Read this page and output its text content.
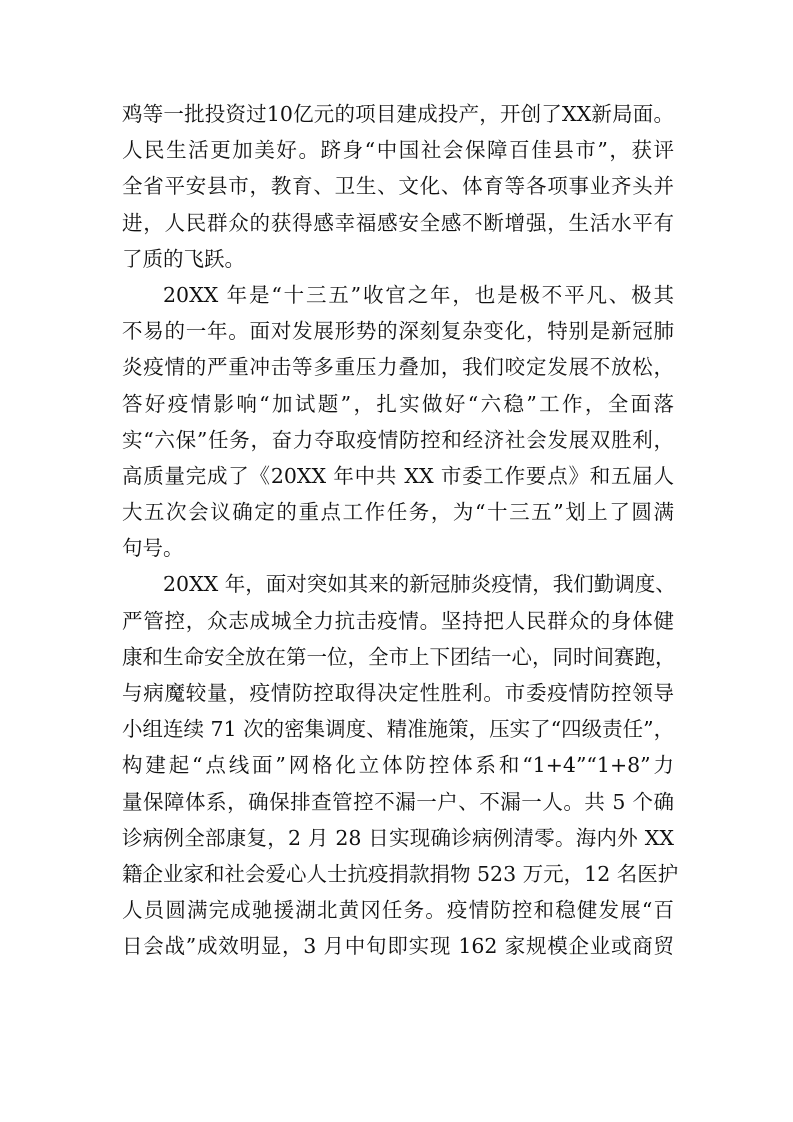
鸡等一批投资过10亿元的项目建成投产，开创了XX新局面。
人民生活更加美好。跻身“中国社会保障百佳县市”，获评
全省平安县市，教育、卫生、文化、体育等各项事业齐头并
进，人民群众的获得感幸福感安全感不断增强，生活水平有
了质的飞跃。
20XX 年是“十三五”收官之年，也是极不平凡、极其
不易的一年。面对发展形势的深刻复杂变化，特别是新冠肺
炎疫情的严重冲击等多重压力叠加，我们咬定发展不放松，
答好疫情影响“加试题”，扎实做好“六稳”工作，全面落
实“六保”任务，奋力夺取疫情防控和经济社会发展双胜利，
高质量完成了《20XX 年中共 XX 市委工作要点》和五届人
大五次会议确定的重点工作任务，为“十三五”划上了圆满
句号。
20XX 年，面对突如其来的新冠肺炎疫情，我们勤调度、
严管控，众志成城全力抗击疫情。坚持把人民群众的身体健
康和生命安全放在第一位，全市上下团结一心，同时间赛跑，
与病魔较量，疫情防控取得决定性胜利。市委疫情防控领导
小组连续 71 次的密集调度、精准施策，压实了“四级责任”，
构建起“点线面”网格化立体防控体系和“1+4”“1+8”力
量保障体系，确保排查管控不漏一户、不漏一人。共 5 个确
诊病例全部康复，2 月 28 日实现确诊病例清零。海内外 XX
籍企业家和社会爱心人士抗疫捐款捐物 523 万元，12 名医护
人员圆满完成驰援湖北黄冈任务。疫情防控和稳健发展“百
日会战”成效明显，3 月中旬即实现 162 家规模企业或商贸
